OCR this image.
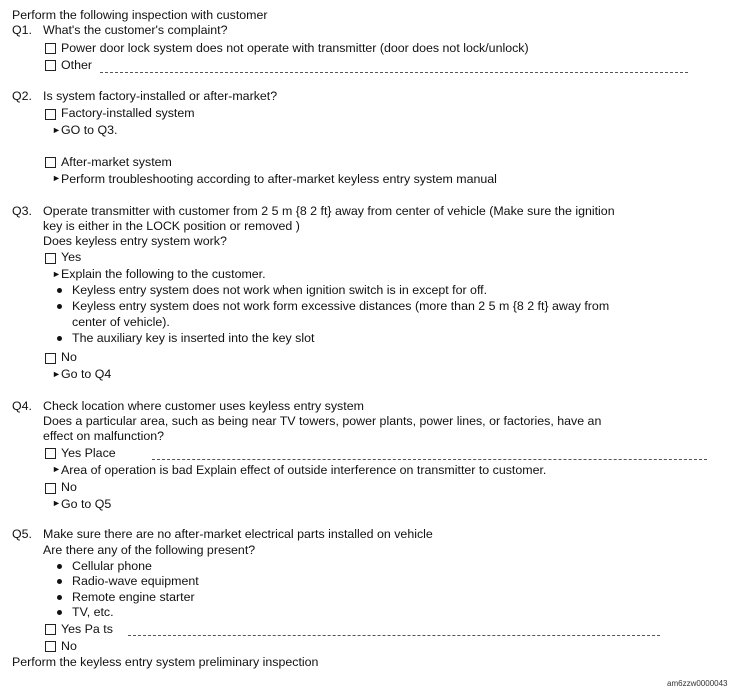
Perform the following inspection with customer
Q1. What's the customer's complaint?
Power door lock system does not operate with transmitter (door does not lock/unlock)
Other
Q2. Is system factory-installed or after-market?
Factory-installed system
► GO to Q3.
After-market system
► Perform troubleshooting according to after-market keyless entry system manual
Q3. Operate transmitter with customer from 2 5 m {8 2 ft} away from center of vehicle (Make sure the ignition
key is either in the LOCK position or removed )
Does keyless entry system work?
Yes
► Explain the following to the customer.
Keyless entry system does not work when ignition switch is in except for off.
Keyless entry system does not work form excessive distances (more than 2 5 m {8 2 ft} away from
center of vehicle).
The auxiliary key is inserted into the key slot
No
► Go to Q4
Q4. Check location where customer uses keyless entry system
Does a particular area, such as being near TV towers, power plants, power lines, or factories, have an
effect on malfunction?
Yes Place
► Area of operation is bad Explain effect of outside interference on transmitter to customer.
No
► Go to Q5
Q5. Make sure there are no after-market electrical parts installed on vehicle
Are there any of the following present?
Cellular phone
Radio-wave equipment
Remote engine starter
TV, etc.
Yes Pa ts
No
Perform the keyless entry system preliminary inspection
am6zzw0000043
